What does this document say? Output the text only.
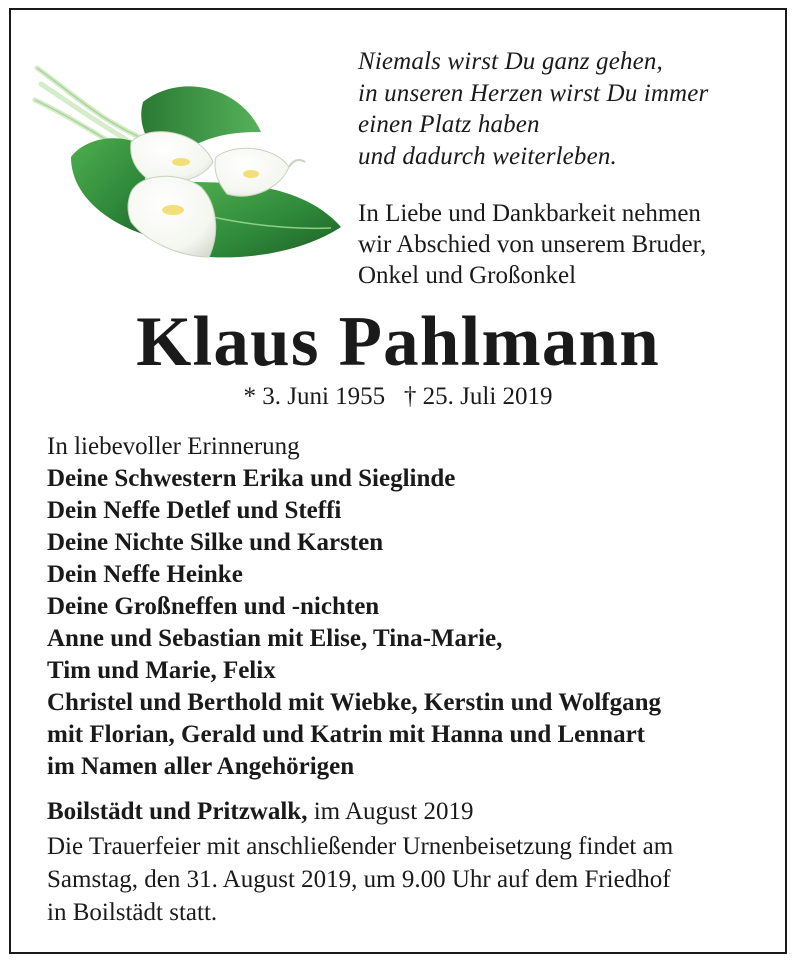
Niemals wirst Du ganz gehen,
in unseren Herzen wirst Du immer
einen Platz haben
und dadurch weiterleben.
In Liebe und Dankbarkeit nehmen
wir Abschied von unserem Bruder,
Onkel und Großonkel
Klaus Pahlmann
* 3. Juni 1955 † 25. Juli 2019
In liebevoller Erinnerung
Deine Schwestern Erika und Sieglinde
Dein Neffe Detlef und Steffi
Deine Nichte Silke und Karsten
Dein Neffe Heinke
Deine Großneffen und -nichten
Anne und Sebastian mit Elise, Tina-Marie,
Tim und Marie, Felix
Christel und Berthold mit Wiebke, Kerstin und Wolfgang
mit Florian, Gerald und Katrin mit Hanna und Lennart
im Namen aller Angehörigen
Boilstädt und Pritzwalk, im August 2019
Die Trauerfeier mit anschließender Urnenbeisetzung findet am
Samstag, den 31. August 2019, um 9.00 Uhr auf dem Friedhof
in Boilstädt statt.
